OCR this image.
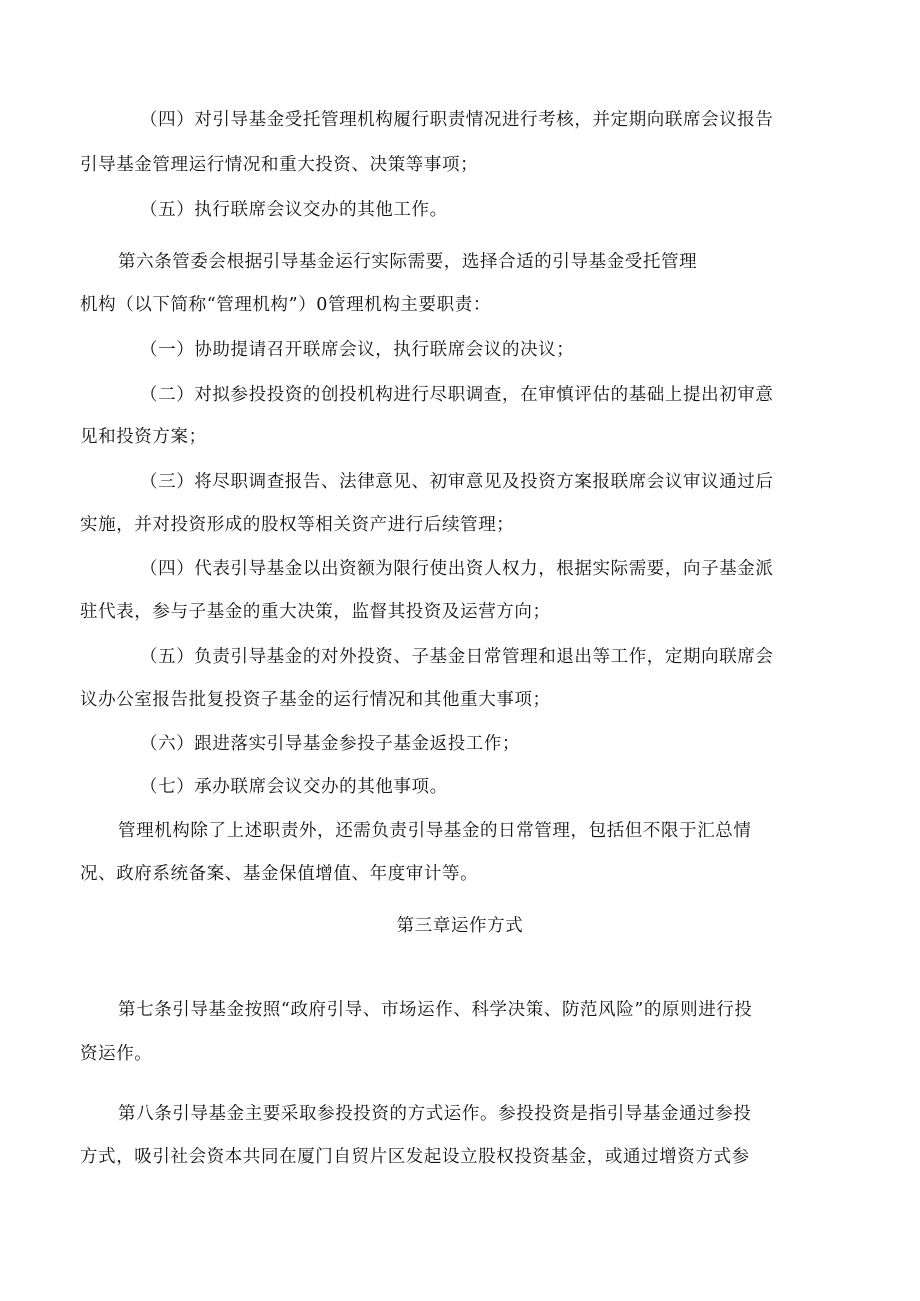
（四）对引导基金受托管理机构履行职责情况进行考核，并定期向联席会议报告
引导基金管理运行情况和重大投资、决策等事项；
（五）执行联席会议交办的其他工作。
第六条管委会根据引导基金运行实际需要，选择合适的引导基金受托管理
机构（以下简称“管理机构”）0管理机构主要职责：
（一）协助提请召开联席会议，执行联席会议的决议；
（二）对拟参投投资的创投机构进行尽职调查，在审慎评估的基础上提出初审意
见和投资方案；
（三）将尽职调查报告、法律意见、初审意见及投资方案报联席会议审议通过后
实施，并对投资形成的股权等相关资产进行后续管理；
（四）代表引导基金以出资额为限行使出资人权力，根据实际需要，向子基金派
驻代表，参与子基金的重大决策，监督其投资及运营方向；
（五）负责引导基金的对外投资、子基金日常管理和退出等工作，定期向联席会
议办公室报告批复投资子基金的运行情况和其他重大事项；
（六）跟进落实引导基金参投子基金返投工作；
（七）承办联席会议交办的其他事项。
管理机构除了上述职责外，还需负责引导基金的日常管理，包括但不限于汇总情
况、政府系统备案、基金保值增值、年度审计等。
第三章运作方式
第七条引导基金按照“政府引导、市场运作、科学决策、防范风险”的原则进行投
资运作。
第八条引导基金主要采取参投投资的方式运作。参投投资是指引导基金通过参投
方式，吸引社会资本共同在厦门自贸片区发起设立股权投资基金，或通过增资方式参
